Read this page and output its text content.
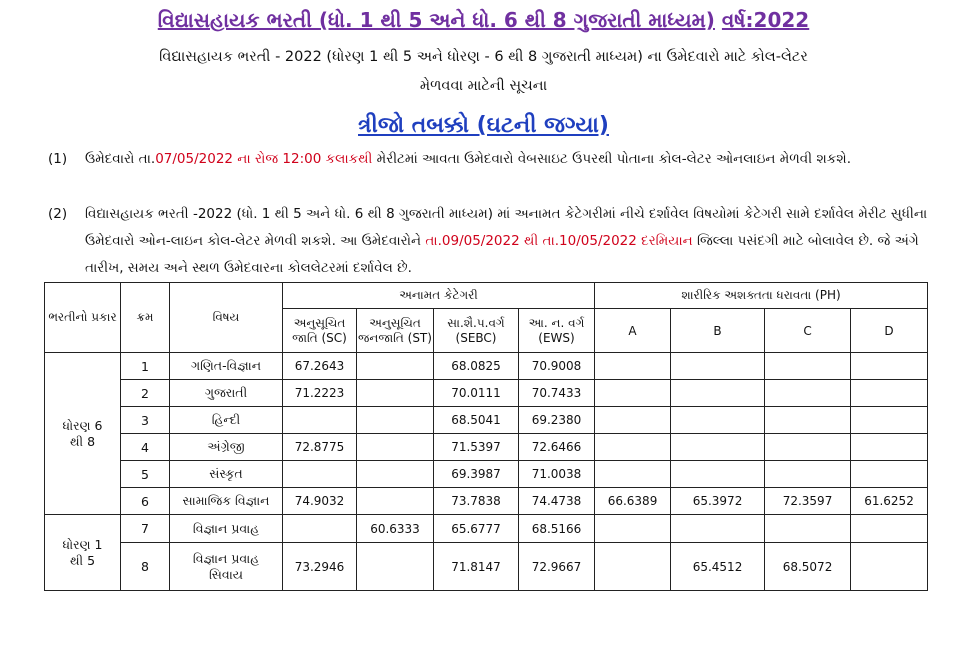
વિદ્યાસહાયક ભરતી (ધો. 1 થી 5 અને ધો. 6 થી 8 ગુજરાતી માધ્યમ) વર્ષ:2022
વિદ્યાસહાયક ભરતી - 2022 (ધોરણ 1 થી 5 અને ધોરણ - 6 થી 8 ગુજરાતી માધ્યમ) ના ઉમેદવારો માટે કોલ-લેટર
મેળવવા માટેની સૂચના
ત્રીજો તબક્કો (ઘટની જગ્યા)
(1)	ઉમેદવારો તા.07/05/2022 ના રોજ 12:00 કલાકથી મેરીટમાં આવતા ઉમેદવારો વેબસાઇટ ઉપરથી પોતાના કોલ-લેટર ઓનલાઇન મેળવી શકશે.
(2)	વિદ્યાસહાયક ભરતી -2022 (ધો. 1 થી 5 અને ધો. 6 થી 8 ગુજરાતી માધ્યમ) માં અનામત કેટેગરીમાં નીચે દર્શાવેલ વિષયોમાં કેટેગરી સામે દર્શાવેલ મેરીટ સુધીના ઉમેદવારો ઓન-લાઇન કોલ-લેટર મેળવી શકશે. આ ઉમેદવારોને તા.09/05/2022 થી તા.10/05/2022 દરમિયાન જિલ્લા પસંદગી માટે બોલાવેલ છે. જે અંગે તારીખ, સમય અને સ્થળ ઉમેદવારના કોલલેટરમાં દર્શાવેલ છે.
ભરતીનો પ્રકાર	ક્રમ	વિષય	અનામત કેટેગરી				શારીરિક અશક્તતા ધરાવતા (PH)			
			અનુસૂચિત જાતિ (SC)	અનુસૂચિત જનજાતિ (ST)	સા.શૈ.પ.વર્ગ (SEBC)	આ. ન. વર્ગ (EWS)	A	B	C	D
ધોરણ 6 થી 8	1	ગણિત-વિજ્ઞાન	67.2643		68.0825	70.9008				
	2	ગુજરાતી	71.2223		70.0111	70.7433				
	3	હિન્દી			68.5041	69.2380				
	4	અંગ્રેજી	72.8775		71.5397	72.6466				
	5	સંસ્કૃત			69.3987	71.0038				
	6	સામાજિક વિજ્ઞાન	74.9032		73.7838	74.4738	66.6389	65.3972	72.3597	61.6252
ધોરણ 1 થી 5	7	વિજ્ઞાન પ્રવાહ		60.6333	65.6777	68.5166				
	8	વિજ્ઞાન પ્રવાહ સિવાય	73.2946		71.8147	72.9667		65.4512	68.5072	
